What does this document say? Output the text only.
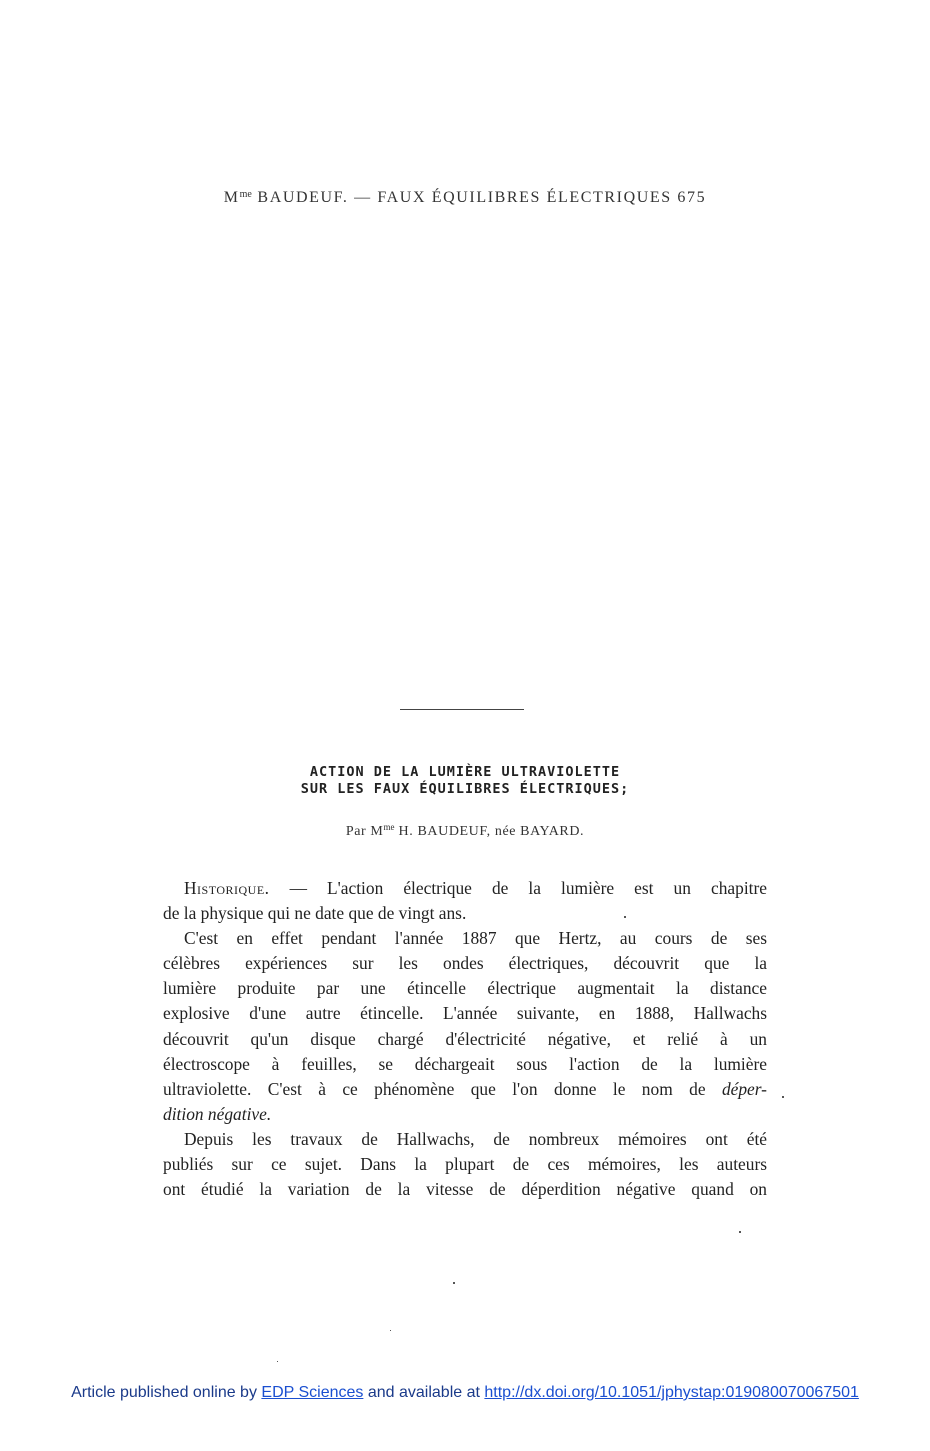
$M^{me}$ BAUDEUF. — FAUX ÉQUILIBRES ÉLECTRIQUES 675
ACTION DE LA LUMIÈRE ULTRAVIOLETTE
SUR LES FAUX ÉQUILIBRES ÉLECTRIQUES;
Par $M^{me}$ H. BAUDEUF, née BAYARD.
Historique. — L'action électrique de la lumière est un chapitre
de la physique qui ne date que de vingt ans.
C'est en effet pendant l'année 1887 que Hertz, au cours de ses
célèbres expériences sur les ondes électriques, découvrit que la
lumière produite par une étincelle électrique augmentait la distance
explosive d'une autre étincelle. L'année suivante, en 1888, Hallwachs
découvrit qu'un disque chargé d'électricité négative, et relié à un
électroscope à feuilles, se déchargeait sous l'action de la lumière
ultraviolette. C'est à ce phénomène que l'on donne le nom de déper-
dition négative.
Depuis les travaux de Hallwachs, de nombreux mémoires ont été
publiés sur ce sujet. Dans la plupart de ces mémoires, les auteurs
ont étudié la variation de la vitesse de déperdition négative quand on
Article published online by EDP Sciences and available at http://dx.doi.org/10.1051/jphystap:019080070067501
